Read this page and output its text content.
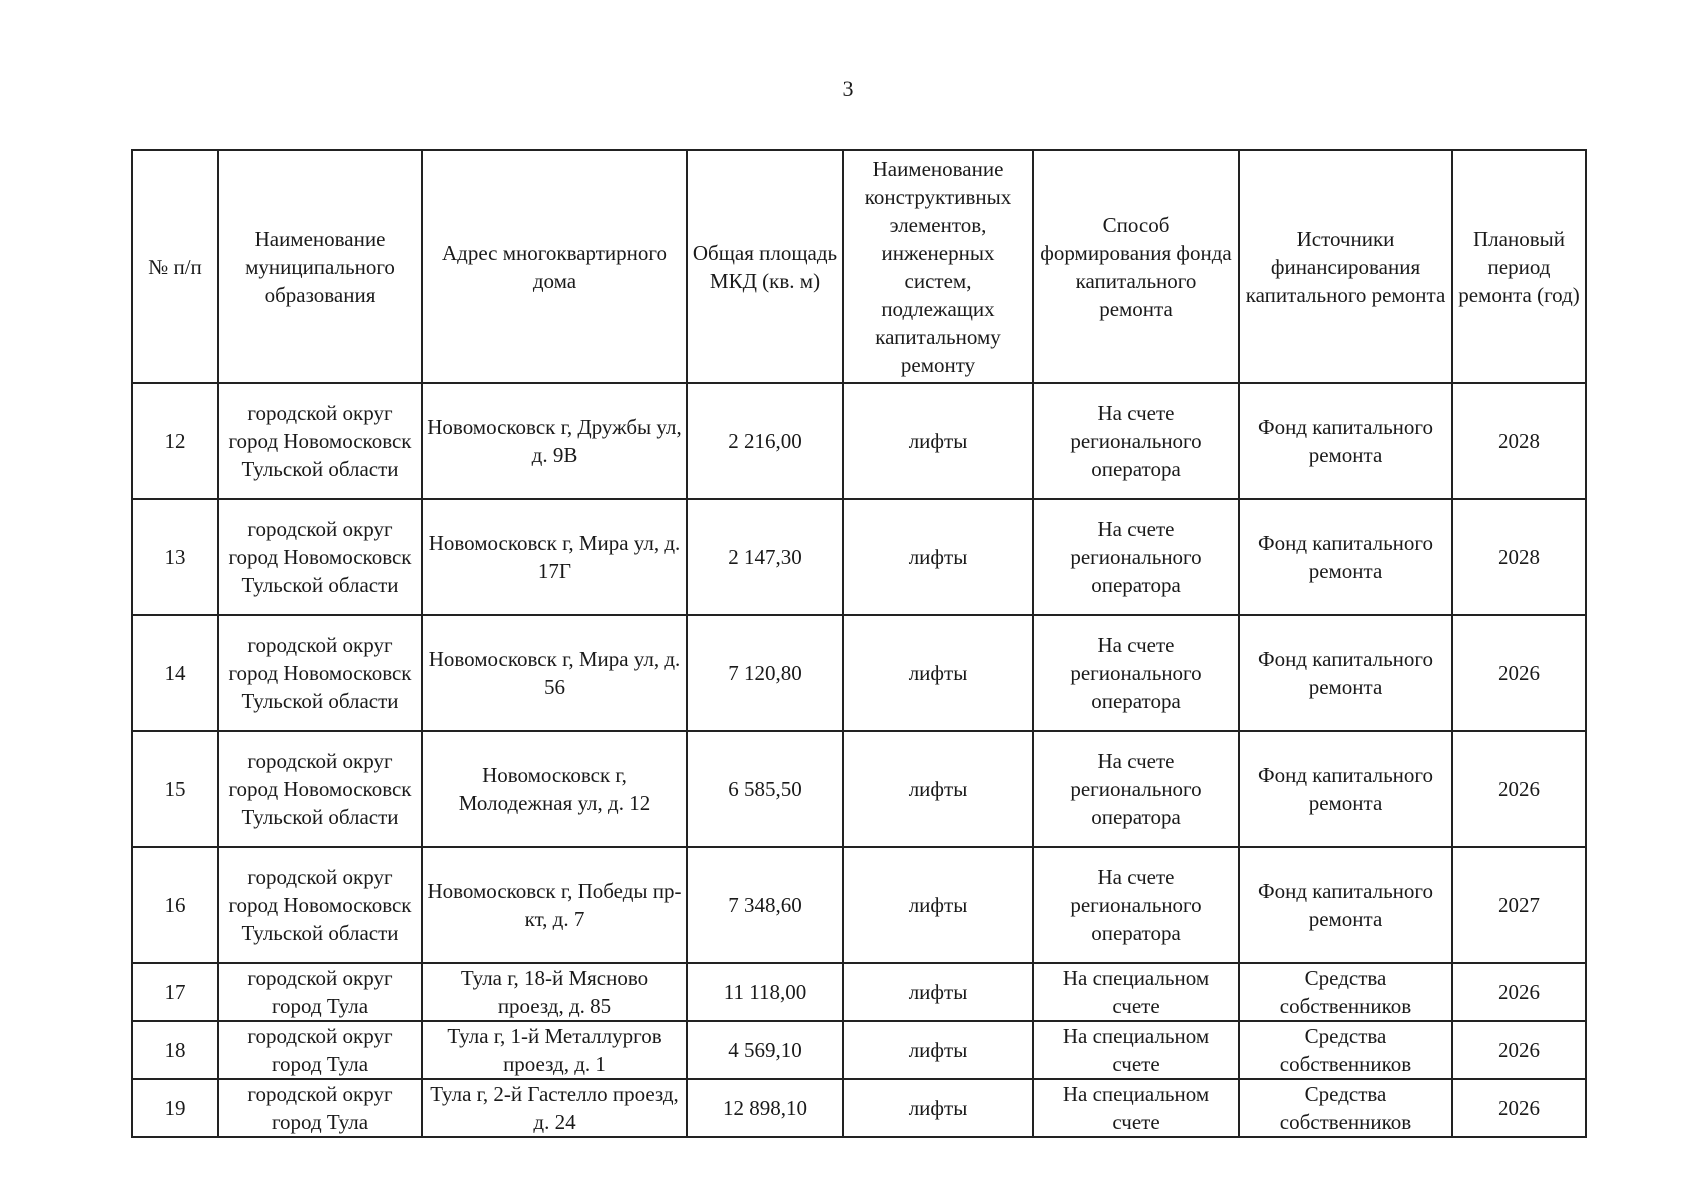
3
№ п/п	Наименование муниципального образования	Адрес многоквартирного дома	Общая площадь МКД (кв. м)	Наименование конструктивных элементов, инженерных систем, подлежащих капитальному ремонту	Способ формирования фонда капитального ремонта	Источники финансирования капитального ремонта	Плановый период ремонта (год)
12	городской округ город Новомосковск Тульской области	Новомосковск г, Дружбы ул, д. 9В	2 216,00	лифты	На счете регионального оператора	Фонд капитального ремонта	2028
13	городской округ город Новомосковск Тульской области	Новомосковск г, Мира ул, д. 17Г	2 147,30	лифты	На счете регионального оператора	Фонд капитального ремонта	2028
14	городской округ город Новомосковск Тульской области	Новомосковск г, Мира ул, д. 56	7 120,80	лифты	На счете регионального оператора	Фонд капитального ремонта	2026
15	городской округ город Новомосковск Тульской области	Новомосковск г, Молодежная ул, д. 12	6 585,50	лифты	На счете регионального оператора	Фонд капитального ремонта	2026
16	городской округ город Новомосковск Тульской области	Новомосковск г, Победы пр-кт, д. 7	7 348,60	лифты	На счете регионального оператора	Фонд капитального ремонта	2027
17	городской округ город Тула	Тула г, 18-й Мясново проезд, д. 85	11 118,00	лифты	На специальном счете	Средства собственников	2026
18	городской округ город Тула	Тула г, 1-й Металлургов проезд, д. 1	4 569,10	лифты	На специальном счете	Средства собственников	2026
19	городской округ город Тула	Тула г, 2-й Гастелло проезд, д. 24	12 898,10	лифты	На специальном счете	Средства собственников	2026
